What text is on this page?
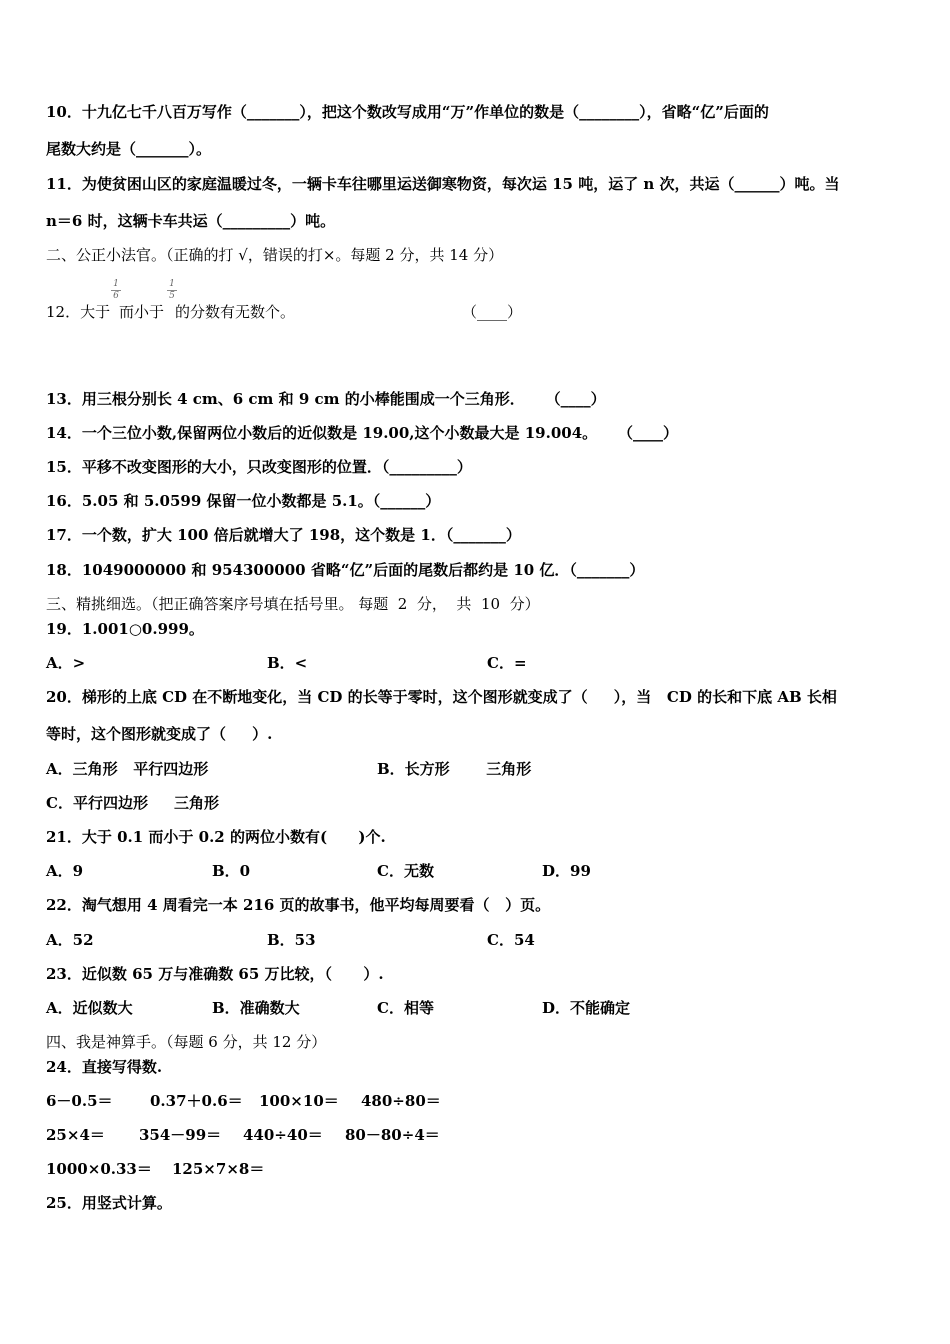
10．十九亿七千八百万写作（_______），把这个数改写成用“万”作单位的数是（________），省略“亿”后面的
尾数大约是（_______）。
11．为使贫困山区的家庭温暖过冬，一辆卡车往哪里运送御寒物资，每次运 15 吨，运了 n 次，共运（______）吨。当
n＝6 时，这辆卡车共运（_________）吨。
二、公正小法官。（正确的打 √，错误的打×。每题 2 分，共 14 分）
12．大于
1
6
而小于
1
5
的分数有无数个。	（____）
13．用三根分别长 4 cm、6 cm 和 9 cm 的小棒能围成一个三角形．    （____）
14．一个三位小数,保留两位小数后的近似数是 19.00,这个小数最大是 19.004。    （____）
15．平移不改变图形的大小，只改变图形的位置．（_________）
16．5.05 和 5.0599 保留一位小数都是 5.1。（______）
17．一个数，扩大 100 倍后就增大了 198，这个数是 1．（_______）
18．1049000000 和 954300000 省略“亿”后面的尾数后都约是 10 亿．（_______）
三、精挑细选。（把正确答案序号填在括号里。 每题  2  分，  共  10  分）
19．1.001○0.999。
A．>	B．<	C．=
20．梯形的上底 CD 在不断地变化，当 CD 的长等于零时，这个图形就变成了（     ），当   CD 的长和下底 AB 长相
等时，这个图形就变成了（     ）.
A．三角形   平行四边形	B．长方形       三角形
C．平行四边形     三角形
21．大于 0.1 而小于 0.2 的两位小数有(      )个.
A．9	B．0	C．无数	D．99
22．淘气想用 4 周看完一本 216 页的故事书，他平均每周要看（   ）页。
A．52	B．53	C．54
23．近似数 65 万与准确数 65 万比较，（      ）.
A．近似数大	B．准确数大	C．相等	D．不能确定
四、我是神算手。（每题 6 分，共 12 分）
24．直接写得数.
6－0.5＝ 0.37＋0.6＝ 100×10＝ 480÷80＝
25×4＝ 354－99＝ 440÷40＝ 80－80÷4＝
1000×0.33＝ 125×7×8＝
25．用竖式计算。
